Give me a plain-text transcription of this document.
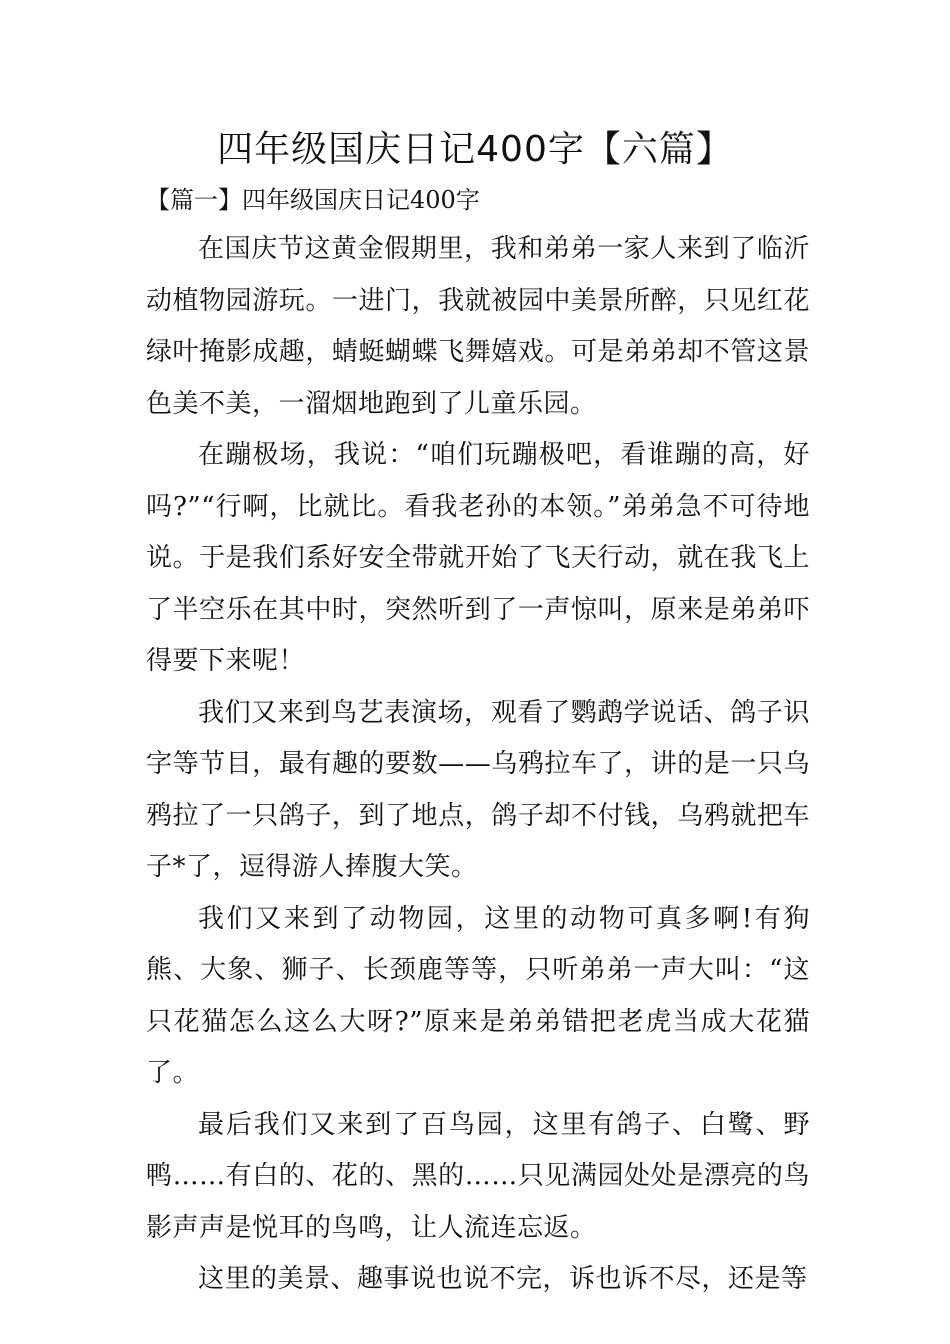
四年级国庆日记400字【六篇】
【篇一】四年级国庆日记400字

在国庆节这黄金假期里，我和弟弟一家人来到了临沂动植物园游玩。一进门，我就被园中美景所醉，只见红花绿叶掩影成趣，蜻蜓蝴蝶飞舞嬉戏。可是弟弟却不管这景色美不美，一溜烟地跑到了儿童乐园。

在蹦极场，我说：“咱们玩蹦极吧，看谁蹦的高，好吗?”“行啊，比就比。看我老孙的本领。”弟弟急不可待地说。于是我们系好安全带就开始了飞天行动，就在我飞上了半空乐在其中时，突然听到了一声惊叫，原来是弟弟吓得要下来呢！

我们又来到鸟艺表演场，观看了鹦鹉学说话、鸽子识字等节目，最有趣的要数——乌鸦拉车了，讲的是一只乌鸦拉了一只鸽子，到了地点，鸽子却不付钱，乌鸦就把车子*了，逗得游人捧腹大笑。

我们又来到了动物园，这里的动物可真多啊!有狗熊、大象、狮子、长颈鹿等等，只听弟弟一声大叫：“这只花猫怎么这么大呀?”原来是弟弟错把老虎当成大花猫了。

最后我们又来到了百鸟园，这里有鸽子、白鹭、野鸭……有白的、花的、黑的……只见满园处处是漂亮的鸟影声声是悦耳的鸟鸣，让人流连忘返。

这里的美景、趣事说也说不完，诉也诉不尽，还是等
